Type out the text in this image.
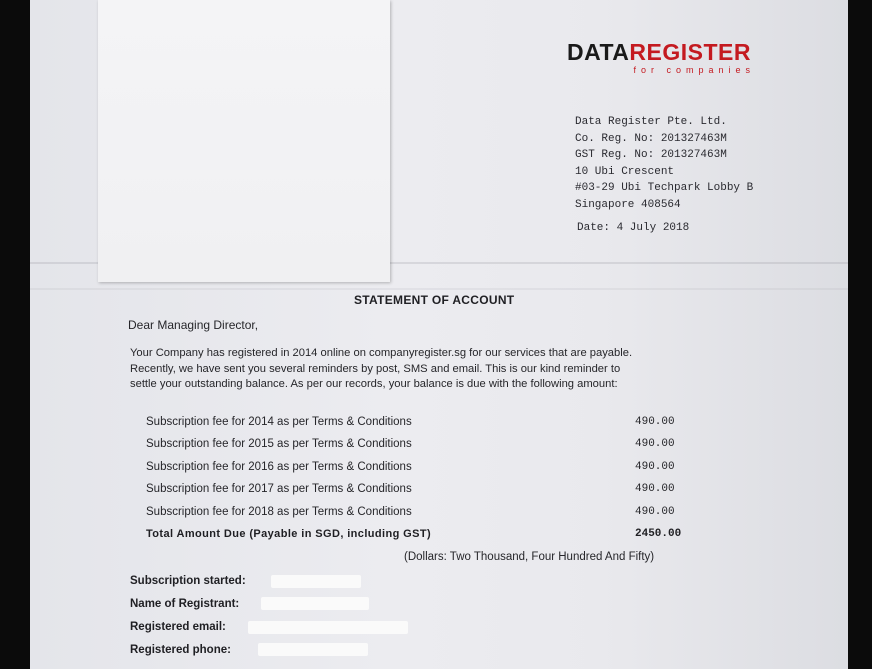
DATAREGISTER
for companies
Data Register Pte. Ltd.
Co. Reg. No: 201327463M
GST Reg. No: 201327463M
10 Ubi Crescent
#03-29 Ubi Techpark Lobby B
Singapore 408564
Date: 4 July 2018
STATEMENT OF ACCOUNT
Dear Managing Director,
Your Company has registered in 2014 online on companyregister.sg for our services that are payable.
Recently, we have sent you several reminders by post, SMS and email. This is our kind reminder to
settle your outstanding balance. As per our records, your balance is due with the following amount:
Subscription fee for 2014 as per Terms & Conditions	490.00
Subscription fee for 2015 as per Terms & Conditions	490.00
Subscription fee for 2016 as per Terms & Conditions	490.00
Subscription fee for 2017 as per Terms & Conditions	490.00
Subscription fee for 2018 as per Terms & Conditions	490.00
Total Amount Due (Payable in SGD, including GST)	2450.00
(Dollars: Two Thousand, Four Hundred And Fifty)
Subscription started:
Name of Registrant:
Registered email:
Registered phone:
